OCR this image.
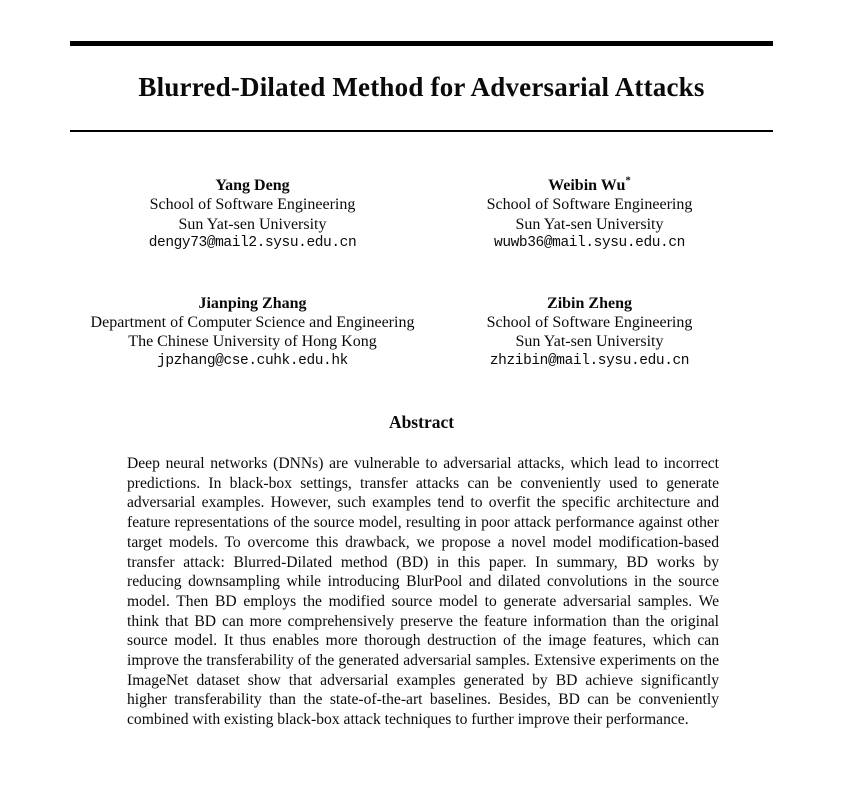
Blurred-Dilated Method for Adversarial Attacks
Yang Deng
School of Software Engineering
Sun Yat-sen University
dengy73@mail2.sysu.edu.cn
Weibin Wu*
School of Software Engineering
Sun Yat-sen University
wuwb36@mail.sysu.edu.cn
Jianping Zhang
Department of Computer Science and Engineering
The Chinese University of Hong Kong
jpzhang@cse.cuhk.edu.hk
Zibin Zheng
School of Software Engineering
Sun Yat-sen University
zhzibin@mail.sysu.edu.cn
Abstract

Deep neural networks (DNNs) are vulnerable to adversarial attacks, which lead to incorrect predictions. In black-box settings, transfer attacks can be conveniently used to generate adversarial examples. However, such examples tend to overfit the specific architecture and feature representations of the source model, resulting in poor attack performance against other target models. To overcome this drawback, we propose a novel model modification-based transfer attack: Blurred-Dilated method (BD) in this paper. In summary, BD works by reducing downsampling while introducing BlurPool and dilated convolutions in the source model. Then BD employs the modified source model to generate adversarial samples. We think that BD can more comprehensively preserve the feature information than the original source model. It thus enables more thorough destruction of the image features, which can improve the transferability of the generated adversarial samples. Extensive experiments on the ImageNet dataset show that adversarial examples generated by BD achieve significantly higher transferability than the state-of-the-art baselines. Besides, BD can be conveniently combined with existing black-box attack techniques to further improve their performance.
